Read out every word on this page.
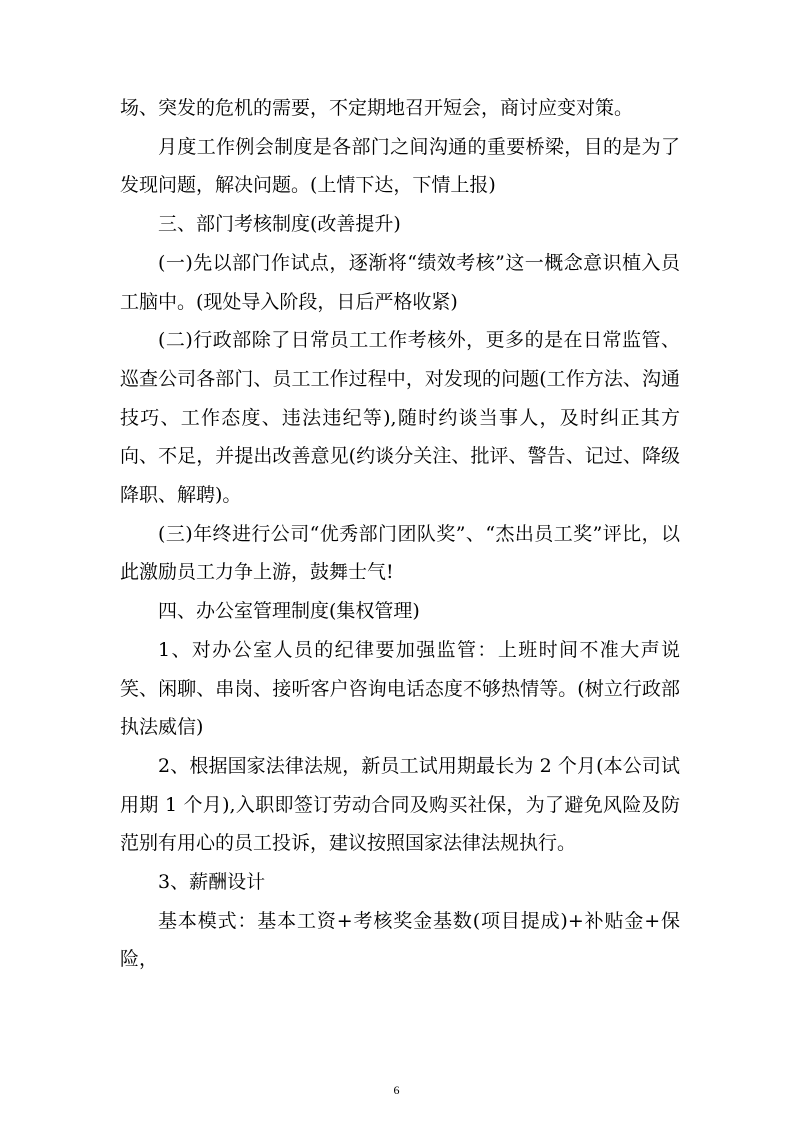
场、突发的危机的需要，不定期地召开短会，商讨应变对策。

月度工作例会制度是各部门之间沟通的重要桥梁，目的是为了发现问题，解决问题。(上情下达，下情上报)

三、部门考核制度(改善提升)

(一)先以部门作试点，逐渐将“绩效考核”这一概念意识植入员工脑中。(现处导入阶段，日后严格收紧)

(二)行政部除了日常员工工作考核外，更多的是在日常监管、巡查公司各部门、员工工作过程中，对发现的问题(工作方法、沟通技巧、工作态度、违法违纪等),随时约谈当事人，及时纠正其方向、不足，并提出改善意见(约谈分关注、批评、警告、记过、降级降职、解聘)。

(三)年终进行公司“优秀部门团队奖”、“杰出员工奖”评比，以此激励员工力争上游，鼓舞士气!

四、办公室管理制度(集权管理)

1、对办公室人员的纪律要加强监管：上班时间不准大声说笑、闲聊、串岗、接听客户咨询电话态度不够热情等。(树立行政部执法威信)

2、根据国家法律法规，新员工试用期最长为 2 个月(本公司试用期 1 个月),入职即签订劳动合同及购买社保，为了避免风险及防范别有用心的员工投诉，建议按照国家法律法规执行。

3、薪酬设计

基本模式：基本工资+考核奖金基数(项目提成)+补贴金+保险，

6
